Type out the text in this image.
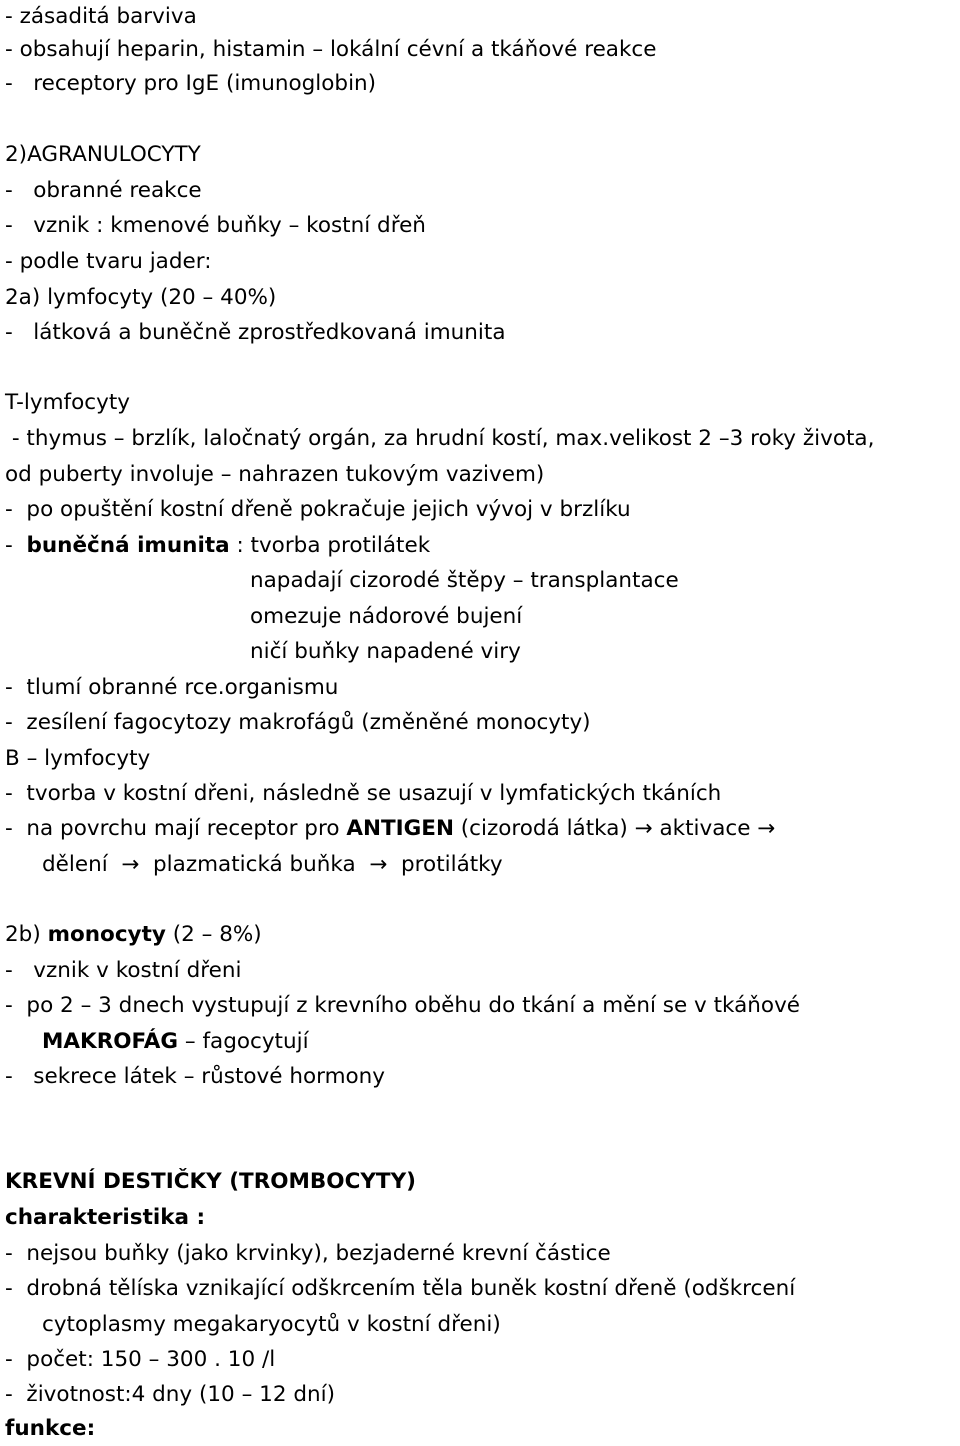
- zásaditá barviva
- obsahují heparin, histamin – lokální cévní a tkáňové reakce
-   receptory pro IgE (imunoglobin)
2)AGRANULOCYTY
-   obranné reakce
-   vznik : kmenové buňky – kostní dřeň
- podle tvaru jader:
2a) lymfocyty (20 – 40%)
-   látková a buněčně zprostředkovaná imunita
T-lymfocyty
- thymus – brzlík, laločnatý orgán, za hrudní kostí, max.velikost 2 –3 roky života,
od puberty involuje – nahrazen tukovým vazivem)
-  po opuštění kostní dřeně pokračuje jejich vývoj v brzlíku
-  buněčná imunita : tvorba protilátek
napadají cizorodé štěpy – transplantace
omezuje nádorové bujení
ničí buňky napadené viry
-  tlumí obranné rce.organismu
-  zesílení fagocytozy makrofágů (změněné monocyty)
B – lymfocyty
-  tvorba v kostní dřeni, následně se usazují v lymfatických tkáních
-  na povrchu mají receptor pro ANTIGEN (cizorodá látka) → aktivace →
dělení  →  plazmatická buňka  →  protilátky
2b) monocyty (2 – 8%)
-   vznik v kostní dřeni
-  po 2 – 3 dnech vystupují z krevního oběhu do tkání a mění se v tkáňové
MAKROFÁG – fagocytují
-   sekrece látek – růstové hormony
KREVNÍ DESTIČKY (TROMBOCYTY)
charakteristika :
-  nejsou buňky (jako krvinky), bezjaderné krevní částice
-  drobná tělíska vznikající odškrcením těla buněk kostní dřeně (odškrcení
cytoplasmy megakaryocytů v kostní dřeni)
-  počet: 150 – 300 . 10 /l
-  životnost:4 dny (10 – 12 dní)
funkce:
